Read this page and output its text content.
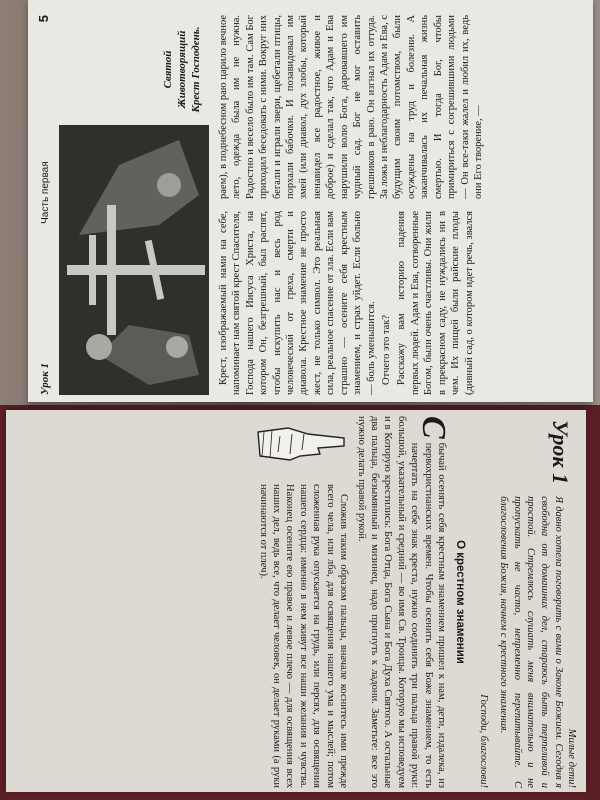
Урок 1
Часть первая
5
Святой Животворящий Крест Господень.

Крест, изображаемый нами на себе, напоминает нам святой крест Спасителя, Господа нашего Иисуса Христа, на котором Он, безгрешный, был распят, чтобы искупить нас и весь род человеческий от греха, смерти и диавола. Крестное знамение не просто жест, не только символ. Это реальная сила, реальное спасение от зла. Если вам страшно — осените себя крестным знамением, и страх уйдет. Если больно — боль уменьшится. Отчего это так? Расскажу вам историю падения первых людей. Адам и Ева, сотворенные Богом, были очень счастливы. Они жили в прекрасном саду, не нуждались ни в чем. Их пищей были райские плоды (дивный сад, о котором идет речь, звался раем), в поднебесном раю царило вечное лето, одежда была им не нужна. Радостно и весело было им там. Сам Бог приходил беседовать с ними. Вокруг них бегали и играли звери, щебетали птицы, порхали бабочки. И позавидовал им змей (или диавол, дух злобы, который ненавидел все радостное, живое и доброе) и сделал так, что Адам и Ева нарушили волю Бога, даровавшего им чудный сад. Бог не мог оставить грешников в раю. Он изгнал их оттуда. За ложь и неблагодарность Адам и Ева, с будущим своим потомством, были осуждены на труд и болезни. А заканчивалась их печальная жизнь смертью. И тогда Бог, чтобы примириться с согрешившими людьми — Он все-таки жалел и любил их, ведь они Его творение, —

Урок 1
Милые дети!

Я давно хотела поговорить с вами о Законе Божием. Сегодня я свободна от домашних дел, стараюсь быть терпеливой и простой. Стремлюсь слушать меня внимательно и не пропускать не часто, непременно перепитывайте. С благословения Божия, начнем с крестного знамения.

Господи, благослови!
О крестном знамении
С

бычай осенять себя крестным знамением пришел к нам, дети, издалека, из первохристианских времен. Чтобы осенить себя Боже знамением, то есть начертать на себе знак креста, нужно соединить три пальца правой руки: большой, указательный и средний — во имя Св. Троицы. Которую мы исповедуем и в Которую крестились: Бога Отца, Бога Сына и Бога Духа Святого. А остальные два пальца, безымянный и мизинец, надо пригнуть к ладони. Заметьте: все это нужно делать правой рукой.

Сложив таким образом пальцы, вначале коснитесь ими прежде всего чела, или лба, для освящения нашего ума и мыслей; потом сложенная рука опускается на грудь, или персях, для освящения нашего сердца: именно в нем живут все наши желания и чувства. Наконец осените ею правое и левое плечо — для освящения всех наших дел, ведь все, что делает человек, он делает руками (а руки начинаются от плеч).
